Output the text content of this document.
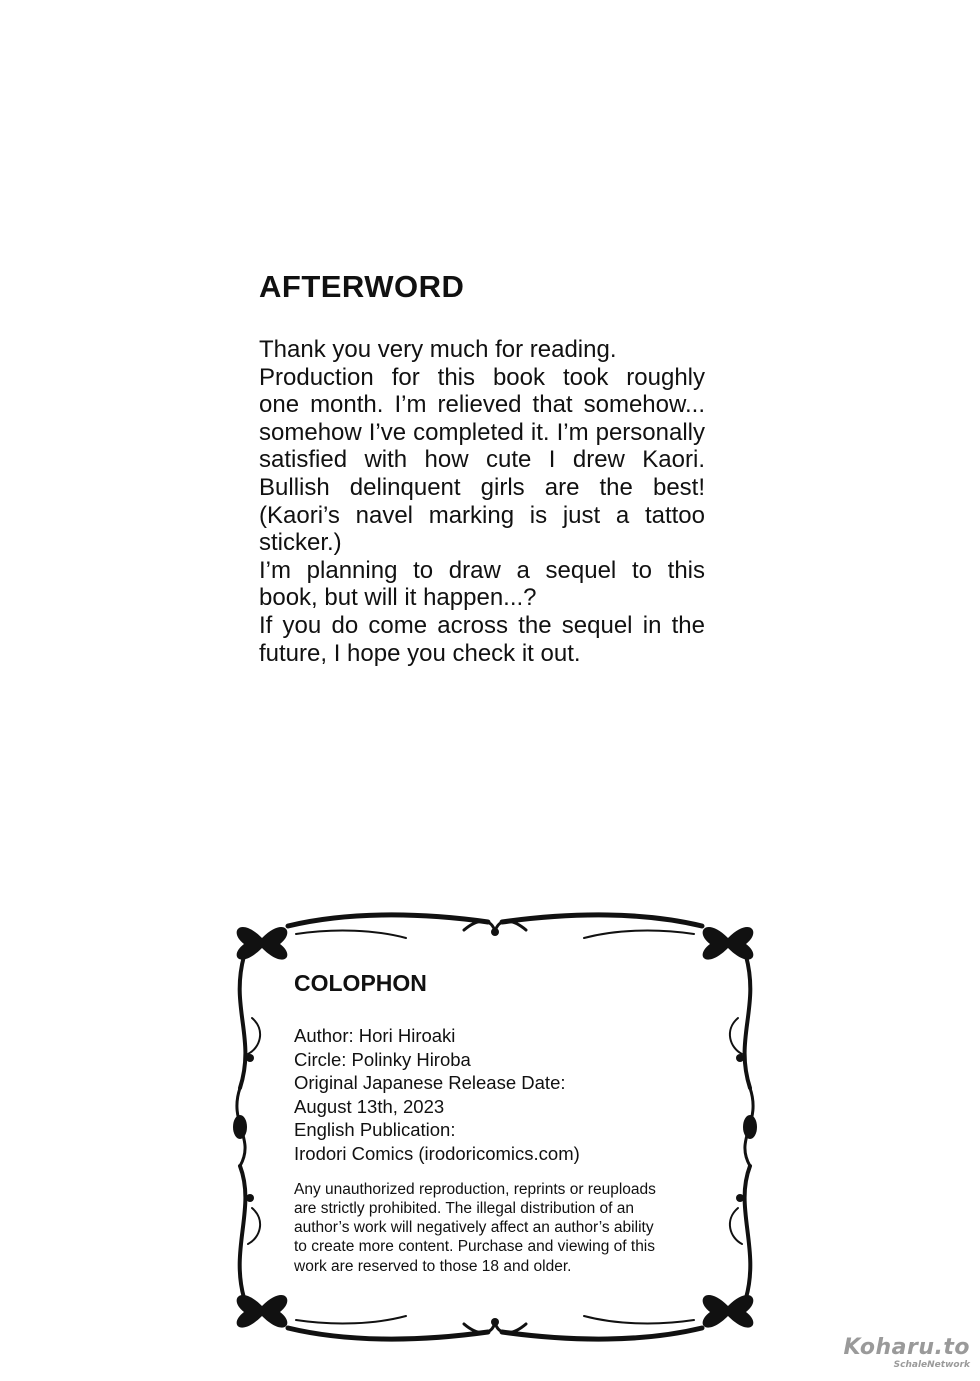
AFTERWORD
Thank you very much for reading.
Production for this book took roughly
one month. I’m relieved that somehow...
somehow I’ve completed it. I’m personally
satisfied with how cute I drew Kaori.
Bullish delinquent girls are the best!
(Kaori’s navel marking is just a tattoo
sticker.)
I’m planning to draw a sequel to this
book, but will it happen...?
If you do come across the sequel in the
future, I hope you check it out.
COLOPHON
Author: Hori Hiroaki
Circle: Polinky Hiroba
Original Japanese Release Date:
August 13th, 2023
English Publication:
Irodori Comics (irodoricomics.com)
Any unauthorized reproduction, reprints or reuploads
are strictly prohibited. The illegal distribution of an
author’s work will negatively affect an author’s ability
to create more content. Purchase and viewing of this
work are reserved to those 18 and older.
Koharu.to
SchaleNetwork
